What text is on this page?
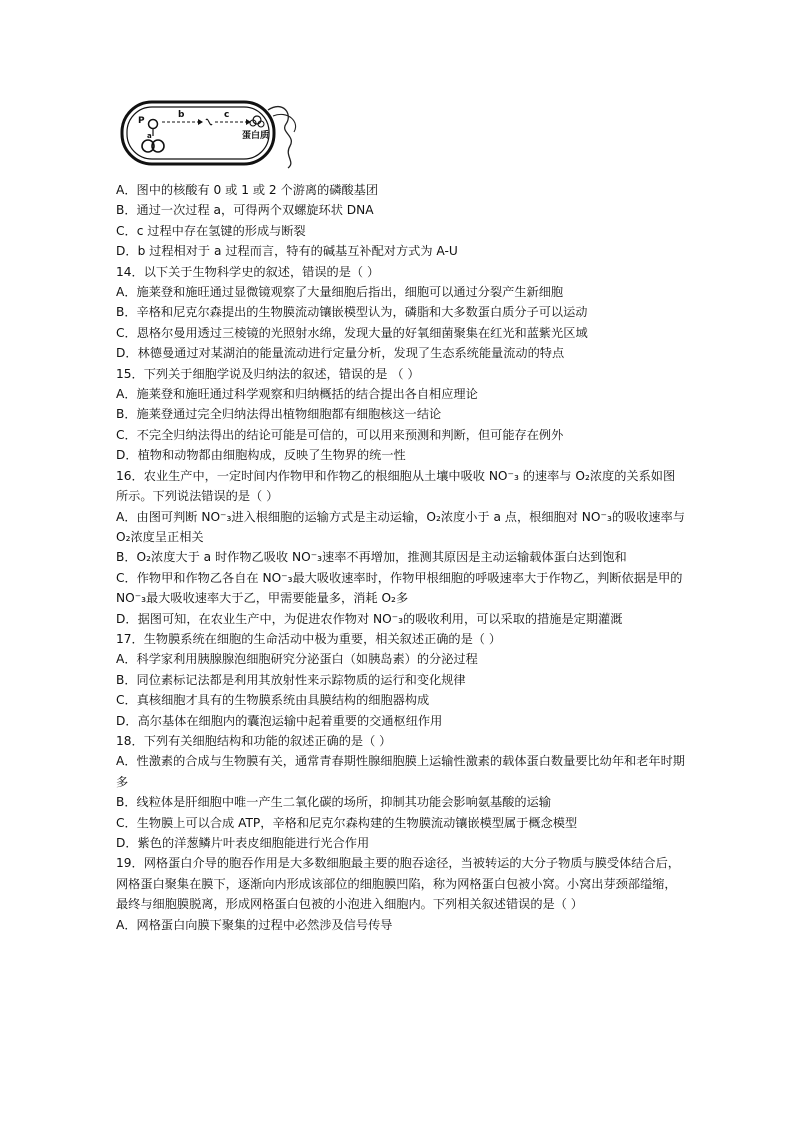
P
a
b	c
蛋白质
A．图中的核酸有 0 或 1 或 2 个游离的磷酸基团
B．通过一次过程 a，可得两个双螺旋环状 DNA
C．c 过程中存在氢键的形成与断裂
D．b 过程相对于 a 过程而言，特有的碱基互补配对方式为 A-U
14．以下关于生物科学史的叙述，错误的是（ ）
A．施莱登和施旺通过显微镜观察了大量细胞后指出，细胞可以通过分裂产生新细胞
B．辛格和尼克尔森提出的生物膜流动镶嵌模型认为，磷脂和大多数蛋白质分子可以运动
C．恩格尔曼用透过三棱镜的光照射水绵，发现大量的好氧细菌聚集在红光和蓝紫光区域
D．林德曼通过对某湖泊的能量流动进行定量分析，发现了生态系统能量流动的特点
15．下列关于细胞学说及归纳法的叙述，错误的是 （ ）
A．施莱登和施旺通过科学观察和归纳概括的结合提出各自相应理论
B．施莱登通过完全归纳法得出植物细胞都有细胞核这一结论
C．不完全归纳法得出的结论可能是可信的，可以用来预测和判断，但可能存在例外
D．植物和动物都由细胞构成，反映了生物界的统一性
16．农业生产中，一定时间内作物甲和作物乙的根细胞从土壤中吸收 NO⁻₃ 的速率与 O₂浓度的关系如图所示。下列说法错误的是（ ）
A．由图可判断 NO⁻₃进入根细胞的运输方式是主动运输，O₂浓度小于 a 点，根细胞对 NO⁻₃的吸收速率与 O₂浓度呈正相关
B．O₂浓度大于 a 时作物乙吸收 NO⁻₃速率不再增加，推测其原因是主动运输载体蛋白达到饱和
C．作物甲和作物乙各自在 NO⁻₃最大吸收速率时，作物甲根细胞的呼吸速率大于作物乙，判断依据是甲的 NO⁻₃最大吸收速率大于乙，甲需要能量多，消耗 O₂多
D．据图可知，在农业生产中，为促进农作物对 NO⁻₃的吸收利用，可以采取的措施是定期灌溉
17．生物膜系统在细胞的生命活动中极为重要，相关叙述正确的是（ ）
A．科学家利用胰腺腺泡细胞研究分泌蛋白（如胰岛素）的分泌过程
B．同位素标记法都是利用其放射性来示踪物质的运行和变化规律
C．真核细胞才具有的生物膜系统由具膜结构的细胞器构成
D．高尔基体在细胞内的囊泡运输中起着重要的交通枢纽作用
18．下列有关细胞结构和功能的叙述正确的是（ ）
A．性激素的合成与生物膜有关，通常青春期性腺细胞膜上运输性激素的载体蛋白数量要比幼年和老年时期多
B．线粒体是肝细胞中唯一产生二氧化碳的场所，抑制其功能会影响氨基酸的运输
C．生物膜上可以合成 ATP，辛格和尼克尔森构建的生物膜流动镶嵌模型属于概念模型
D．紫色的洋葱鳞片叶表皮细胞能进行光合作用
19．网格蛋白介导的胞吞作用是大多数细胞最主要的胞吞途径，当被转运的大分子物质与膜受体结合后，网格蛋白聚集在膜下，逐渐向内形成该部位的细胞膜凹陷，称为网格蛋白包被小窝。小窝出芽颈部缢缩，最终与细胞膜脱离，形成网格蛋白包被的小泡进入细胞内。下列相关叙述错误的是（ ）
A．网格蛋白向膜下聚集的过程中必然涉及信号传导
